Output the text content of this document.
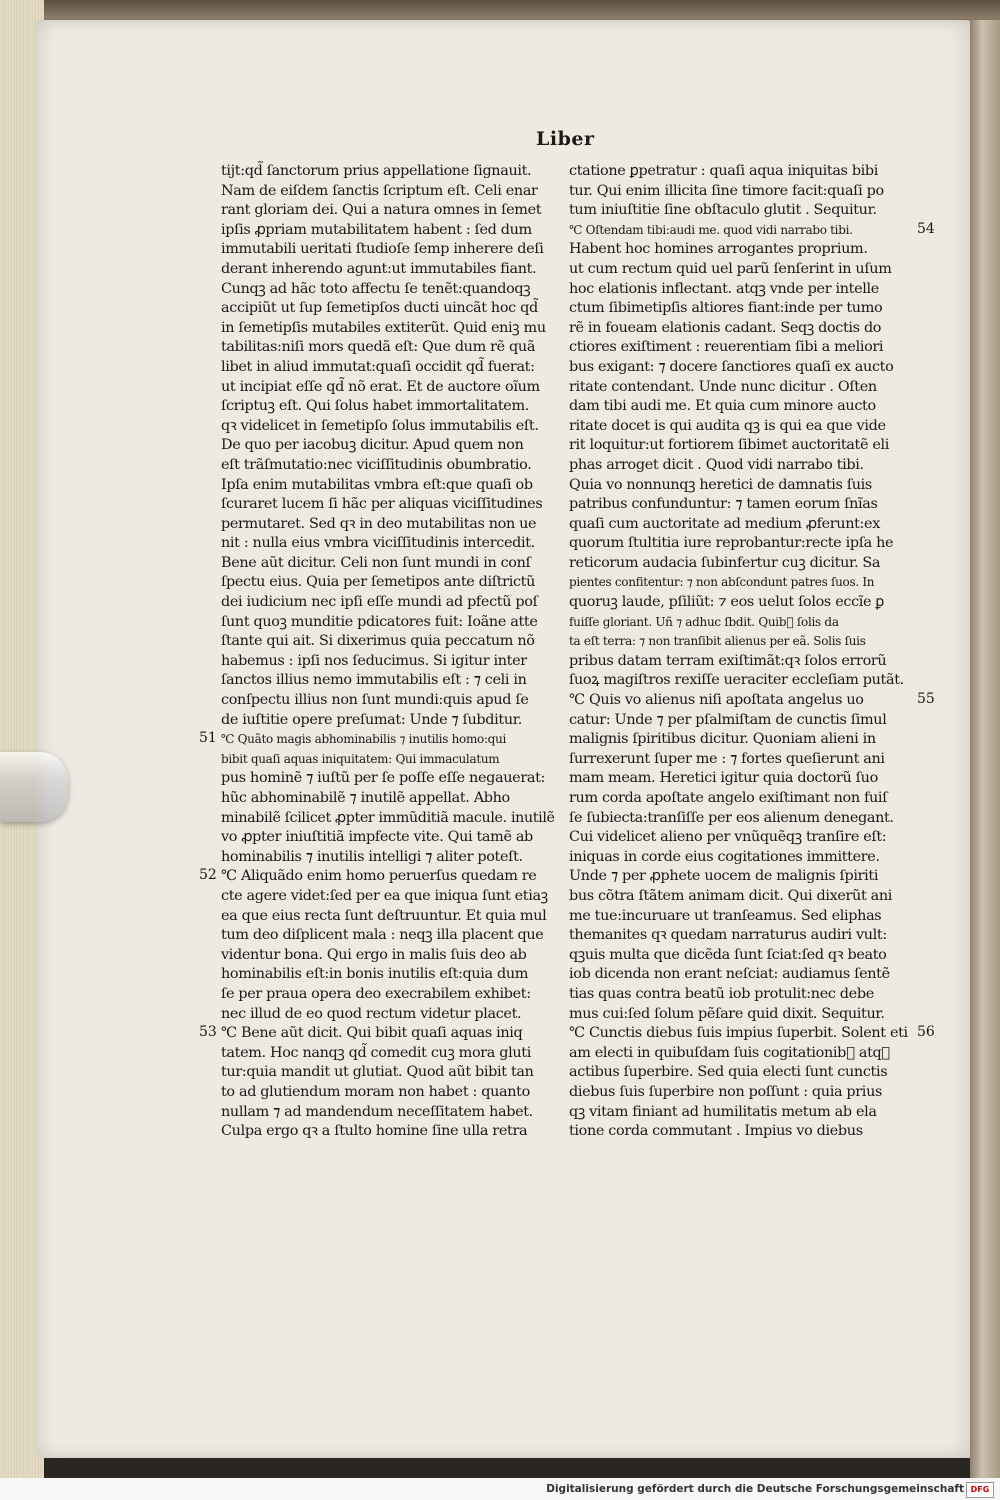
Liber
tijt:qd̃ ſanctorum prius appellatione ſignauit.
Nam de eiſdem ſanctis ſcriptum eſt. Celi enar
rant gloriam dei. Qui a natura omnes in ſemet
ipſis ꝓpriam mutabilitatem habent : ſed dum
immutabili ueritati ſtudioſe ſemp inherere deſi
derant inherendo agunt:ut immutabiles fiant.
Cunqꝫ ad hãc toto affectu ſe tenẽt:quandoqꝫ
accipiũt ut ſup ſemetipſos ducti uincãt hoc qd̃
in ſemetipſis mutabiles extiterũt. Quid eniꝫ mu
tabilitas:niſi mors quedã eſt: Que dum rẽ quã
libet in aliud immutat:quaſi occidit qd̃ fuerat:
ut incipiat eſſe qd̃ nõ erat. Et de auctore oĩum
ſcriptuꝫ eſt. Qui ſolus habet immortalitatem.
qꝛ videlicet in ſemetipſo ſolus immutabilis eſt.
De quo per iacobuꝫ dicitur. Apud quem non
eſt trãſmutatio:nec viciſſitudinis obumbratio.
Ipſa enim mutabilitas vmbra eſt:que quaſi ob
ſcuraret lucem ſi hãc per aliquas viciſſitudines
permutaret. Sed qꝛ in deo mutabilitas non ue
nit : nulla eius vmbra viciſſitudinis intercedit.
Bene aũt dicitur. Celi non ſunt mundi in conſ
ſpectu eius. Quia per ſemetipos ante diſtrictũ
dei iudicium nec ipſi eſſe mundi ad pfectũ poſ
ſunt quoꝫ munditie pdicatores fuit: Ioãne atte
ſtante qui ait. Si dixerimus quia peccatum nõ
habemus : ipſi nos ſeducimus. Si igitur inter
ſanctos illius nemo immutabilis eſt : ⁊ celi in
conſpectu illius non ſunt mundi:quis apud ſe
de iuſtitie opere preſumat: Unde ⁊ ſubditur.
℃ Quãto magis abhominabilis ⁊ inutilis homo:qui
51
bibit quaſi aquas iniquitatem: Qui immaculatum
pus hominẽ ⁊ iuſtũ per ſe poſſe eſſe negauerat:
hũc abhominabilẽ ⁊ inutilẽ appellat. Abho
minabilẽ ſcilicet ꝓpter immũditiã macule. inutilẽ
vo ꝓpter iniuſtitiã impfecte vite. Qui tamẽ ab
hominabilis ⁊ inutilis intelligi ⁊ aliter poteſt.
℃ Aliquãdo enim homo peruerſus quedam re
52
cte agere videt:ſed per ea que iniqua ſunt etiaꝫ
ea que eius recta ſunt deſtruuntur. Et quia mul
tum deo diſplicent mala : neqꝫ illa placent que
videntur bona. Qui ergo in malis ſuis deo ab
hominabilis eſt:in bonis inutilis eſt:quia dum
ſe per praua opera deo execrabilem exhibet:
nec illud de eo quod rectum videtur placet.
℃ Bene aũt dicit. Qui bibit quaſi aquas iniq
53
tatem. Hoc nanqꝫ qd̃ comedit cuꝫ mora gluti
tur:quia mandit ut glutiat. Quod aũt bibit tan
to ad glutiendum moram non habet : quanto
nullam ⁊ ad mandendum neceſſitatem habet.
Culpa ergo qꝛ a ſtulto homine ſine ulla retra
ctatione ꝑpetratur : quaſi aqua iniquitas bibi
tur. Qui enim illicita ſine timore facit:quaſi po
tum iniuſtitie ſine obſtaculo glutit . Sequitur.
℃ Oſtendam tibi:audi me. quod vidi narrabo tibi.	54
Habent hoc homines arrogantes proprium.
ut cum rectum quid uel parũ ſenſerint in uſum
hoc elationis inflectant. atqꝫ vnde per intelle
ctum ſibimetipſis altiores fiant:inde per tumo
rẽ in foueam elationis cadant. Seqꝫ doctis do
ctiores exiſtiment : reuerentiam ſibi a meliori
bus exigant: ⁊ docere ſanctiores quaſi ex aucto
ritate contendant. Unde nunc dicitur . Oſten
dam tibi audi me. Et quia cum minore aucto
ritate docet is qui audita qꝫ is qui ea que vide
rit loquitur:ut fortiorem ſibimet auctoritatẽ eli
phas arroget dicit . Quod vidi narrabo tibi.
Quia vo nonnunqꝫ heretici de damnatis ſuis
patribus confunduntur: ⁊ tamen eorum ſnĩas
quaſi cum auctoritate ad medium ꝓferunt:ex
quorum ſtultitia iure reprobantur:recte ipſa he
reticorum audacia ſubinfertur cuꝫ dicitur. Sa
pientes confitentur: ⁊ non abſcondunt patres ſuos. In
quoruꝫ laude, pſiliũt: ⁊ eos uelut ſolos eccĩe ꝑ
fuiſſe gloriant. Uñ ⁊ adhuc ſbdit. Quib᷒ ſolis da
ta eſt terra: ⁊ non tranſibit alienus per eã. Solis ſuis
pribus datam terram exiſtimãt:qꝛ ſolos errorũ
ſuoꝝ magiſtros rexiſſe ueraciter eccleſiam putãt.
℃ Quis vo alienus niſi apoſtata angelus uo	55
catur: Unde ⁊ per pſalmiſtam de cunctis ſimul
malignis ſpiritibus dicitur. Quoniam alieni in
ſurrexerunt ſuper me : ⁊ fortes queſierunt ani
mam meam. Heretici igitur quia doctorũ ſuo
rum corda apoſtate angelo exiſtimant non fuiſ
ſe ſubiecta:tranſiſſe per eos alienum denegant.
Cui videlicet alieno per vnũquẽqꝫ tranſire eſt:
iniquas in corde eius cogitationes immittere.
Unde ⁊ per ꝓphete uocem de malignis ſpiriti
bus cõtra ſtãtem animam dicit. Qui dixerũt ani
me tue:incuruare ut tranſeamus. Sed eliphas
themanites qꝛ quedam narraturus audiri vult:
qꝫuis multa que dicẽda ſunt ſciat:ſed qꝛ beato
iob dicenda non erant neſciat: audiamus ſentẽ
tias quas contra beatũ iob protulit:nec debe
mus cui:ſed ſolum pẽſare quid dixit. Sequitur.
℃ Cunctis diebus ſuis impius ſuperbit. Solent eti 56
am electi in quibuſdam ſuis cogitationib᷒ atqꝫ
actibus ſuperbire. Sed quia electi ſunt cunctis
diebus ſuis ſuperbire non poſſunt : quia prius
qꝫ vitam finiant ad humilitatis metum ab ela
tione corda commutant . Impius vo diebus
Digitalisierung gefördert durch die Deutsche Forschungsgemeinschaft DFG
